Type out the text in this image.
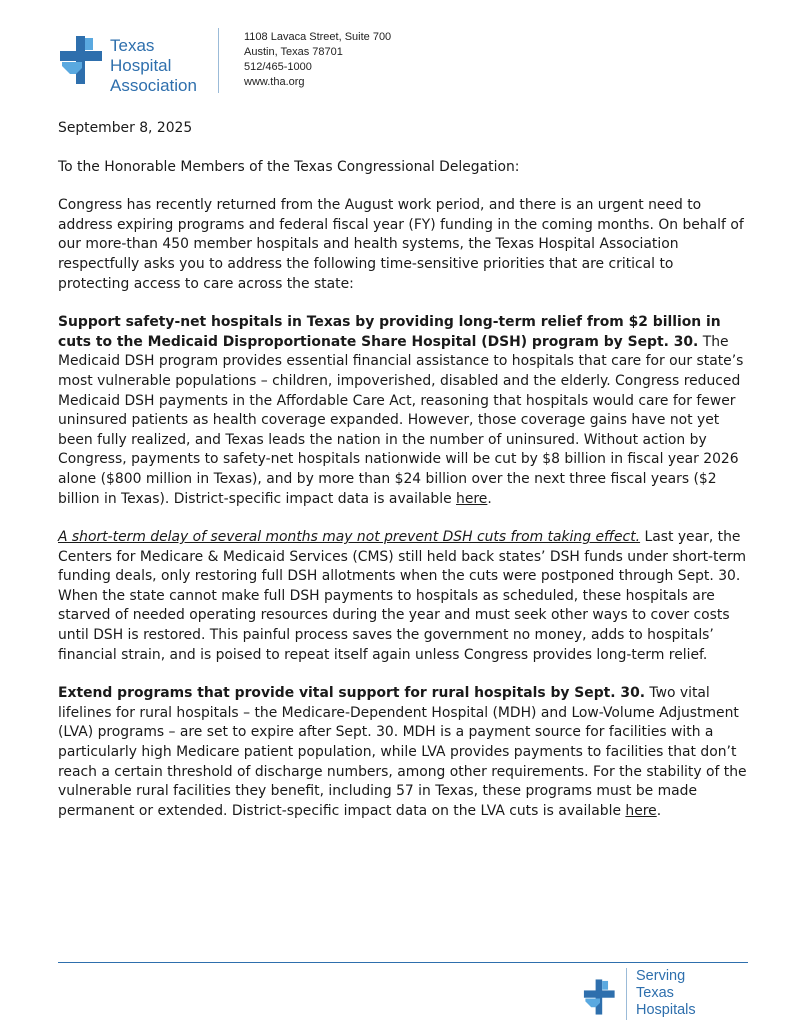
Texas
Hospital
Association
1108 Lavaca Street, Suite 700
Austin, Texas 78701
512/465-1000
www.tha.org

September 8, 2025

To the Honorable Members of the Texas Congressional Delegation:

Congress has recently returned from the August work period, and there is an urgent need to address expiring programs and federal fiscal year (FY) funding in the coming months. On behalf of our more-than 450 member hospitals and health systems, the Texas Hospital Association respectfully asks you to address the following time-sensitive priorities that are critical to protecting access to care across the state:

Support safety-net hospitals in Texas by providing long-term relief from $2 billion in cuts to the Medicaid Disproportionate Share Hospital (DSH) program by Sept. 30. The Medicaid DSH program provides essential financial assistance to hospitals that care for our state’s most vulnerable populations – children, impoverished, disabled and the elderly. Congress reduced Medicaid DSH payments in the Affordable Care Act, reasoning that hospitals would care for fewer uninsured patients as health coverage expanded. However, those coverage gains have not yet been fully realized, and Texas leads the nation in the number of uninsured. Without action by Congress, payments to safety-net hospitals nationwide will be cut by $8 billion in fiscal year 2026 alone ($800 million in Texas), and by more than $24 billion over the next three fiscal years ($2 billion in Texas). District-specific impact data is available here.

A short-term delay of several months may not prevent DSH cuts from taking effect. Last year, the Centers for Medicare & Medicaid Services (CMS) still held back states’ DSH funds under short-term funding deals, only restoring full DSH allotments when the cuts were postponed through Sept. 30. When the state cannot make full DSH payments to hospitals as scheduled, these hospitals are starved of needed operating resources during the year and must seek other ways to cover costs until DSH is restored. This painful process saves the government no money, adds to hospitals’ financial strain, and is poised to repeat itself again unless Congress provides long-term relief.

Extend programs that provide vital support for rural hospitals by Sept. 30. Two vital lifelines for rural hospitals – the Medicare-Dependent Hospital (MDH) and Low-Volume Adjustment (LVA) programs – are set to expire after Sept. 30. MDH is a payment source for facilities with a particularly high Medicare patient population, while LVA provides payments to facilities that don’t reach a certain threshold of discharge numbers, among other requirements. For the stability of the vulnerable rural facilities they benefit, including 57 in Texas, these programs must be made permanent or extended. District-specific impact data on the LVA cuts is available here.

Serving
Texas
Hospitals
